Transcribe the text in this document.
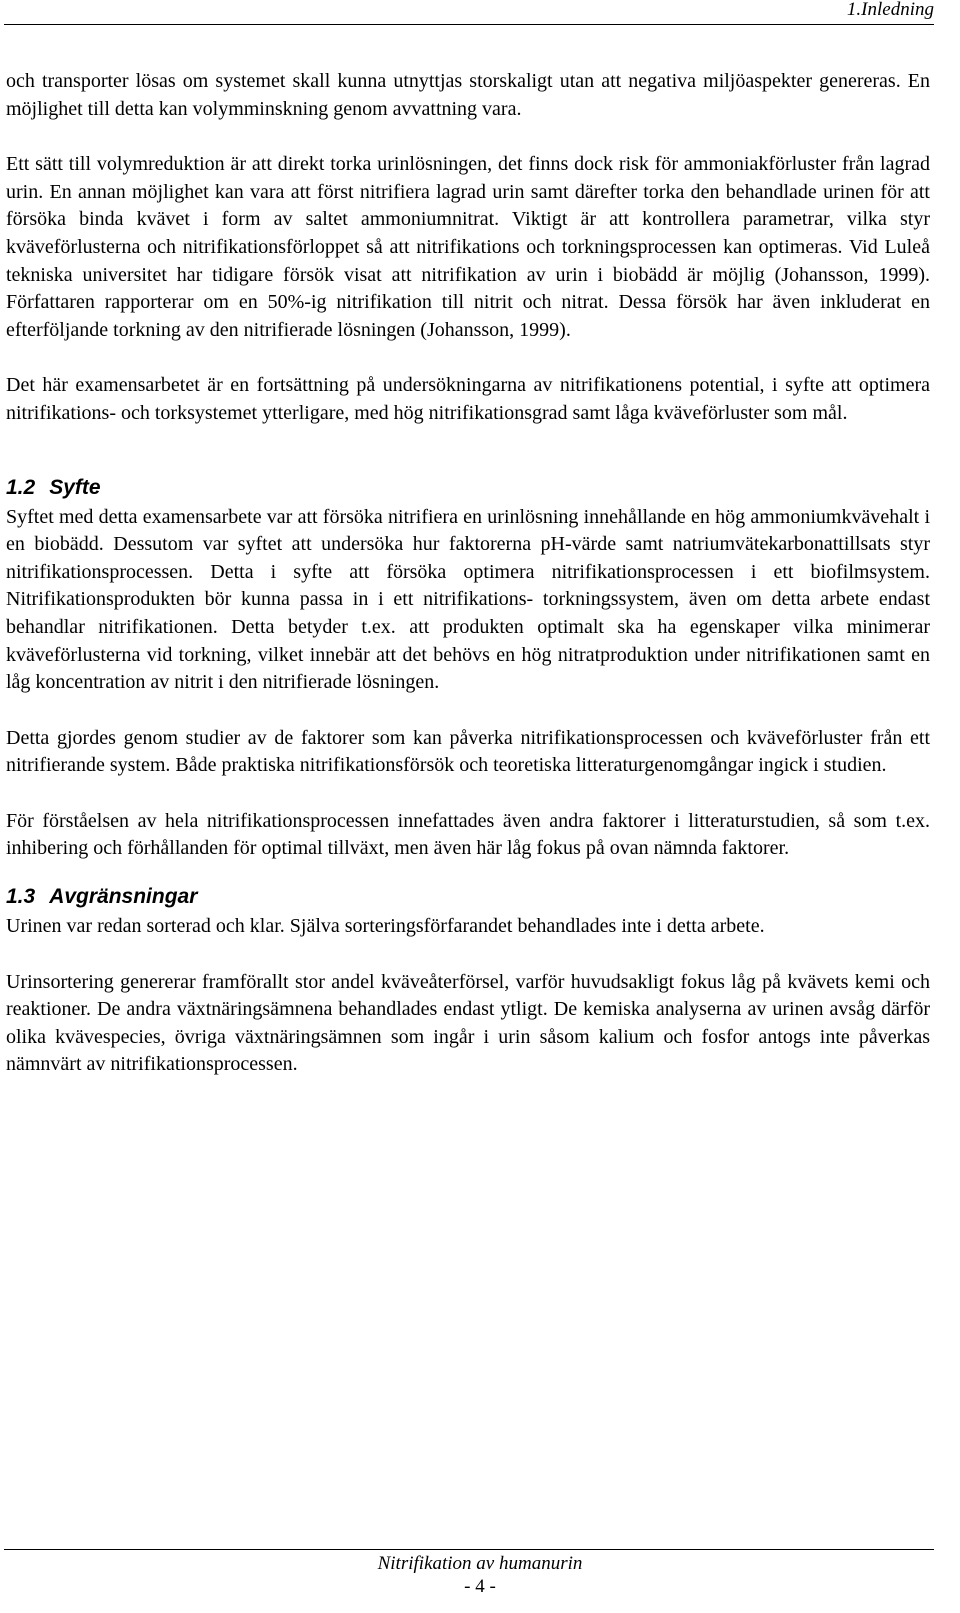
1.Inledning

och transporter lösas om systemet skall kunna utnyttjas storskaligt utan att negativa miljöaspekter genereras. En möjlighet till detta kan volymminskning genom avvattning vara.

Ett sätt till volymreduktion är att direkt torka urinlösningen, det finns dock risk för ammoniakförluster från lagrad urin. En annan möjlighet kan vara att först nitrifiera lagrad urin samt därefter torka den behandlade urinen för att försöka binda kvävet i form av saltet ammoniumnitrat. Viktigt är att kontrollera parametrar, vilka styr kväveförlusterna och nitrifikationsförloppet så att nitrifikations och torkningsprocessen kan optimeras. Vid Luleå tekniska universitet har tidigare försök visat att nitrifikation av urin i biobädd är möjlig (Johansson, 1999). Författaren rapporterar om en 50%-ig nitrifikation till nitrit och nitrat. Dessa försök har även inkluderat en efterföljande torkning av den nitrifierade lösningen (Johansson, 1999).

Det här examensarbetet är en fortsättning på undersökningarna av nitrifikationens potential, i syfte att optimera nitrifikations- och torksystemet ytterligare, med hög nitrifikationsgrad samt låga kväveförluster som mål.

1.2 Syfte

Syftet med detta examensarbete var att försöka nitrifiera en urinlösning innehållande en hög ammoniumkvävehalt i en biobädd. Dessutom var syftet att undersöka hur faktorerna pH-värde samt natriumvätekarbonattillsats styr nitrifikationsprocessen. Detta i syfte att försöka optimera nitrifikationsprocessen i ett biofilmsystem. Nitrifikationsprodukten bör kunna passa in i ett nitrifikations- torkningssystem, även om detta arbete endast behandlar nitrifikationen. Detta betyder t.ex. att produkten optimalt ska ha egenskaper vilka minimerar kväveförlusterna vid torkning, vilket innebär att det behövs en hög nitratproduktion under nitrifikationen samt en låg koncentration av nitrit i den nitrifierade lösningen.

Detta gjordes genom studier av de faktorer som kan påverka nitrifikationsprocessen och kväveförluster från ett nitrifierande system. Både praktiska nitrifikationsförsök och teoretiska litteraturgenomgångar ingick i studien.

För förståelsen av hela nitrifikationsprocessen innefattades även andra faktorer i litteraturstudien, så som t.ex. inhibering och förhållanden för optimal tillväxt, men även här låg fokus på ovan nämnda faktorer.

1.3 Avgränsningar

Urinen var redan sorterad och klar. Själva sorteringsförfarandet behandlades inte i detta arbete.

Urinsortering genererar framförallt stor andel kväveåterförsel, varför huvudsakligt fokus låg på kvävets kemi och reaktioner. De andra växtnäringsämnena behandlades endast ytligt. De kemiska analyserna av urinen avsåg därför olika kvävespecies, övriga växtnäringsämnen som ingår i urin såsom kalium och fosfor antogs inte påverkas nämnvärt av nitrifikationsprocessen.

Nitrifikation av humanurin
- 4 -
